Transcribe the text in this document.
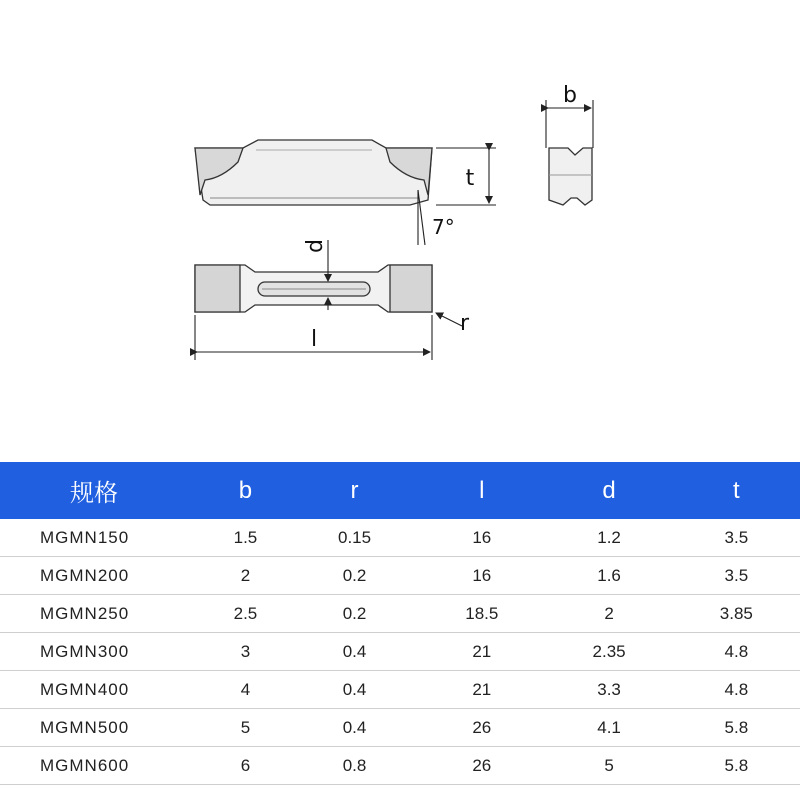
t
7°
b
d
r
l
规格	b	r	l	d	t
MGMN150	1.5	0.15	16	1.2	3.5
MGMN200	2	0.2	16	1.6	3.5
MGMN250	2.5	0.2	18.5	2	3.85
MGMN300	3	0.4	21	2.35	4.8
MGMN400	4	0.4	21	3.3	4.8
MGMN500	5	0.4	26	4.1	5.8
MGMN600	6	0.8	26	5	5.8
